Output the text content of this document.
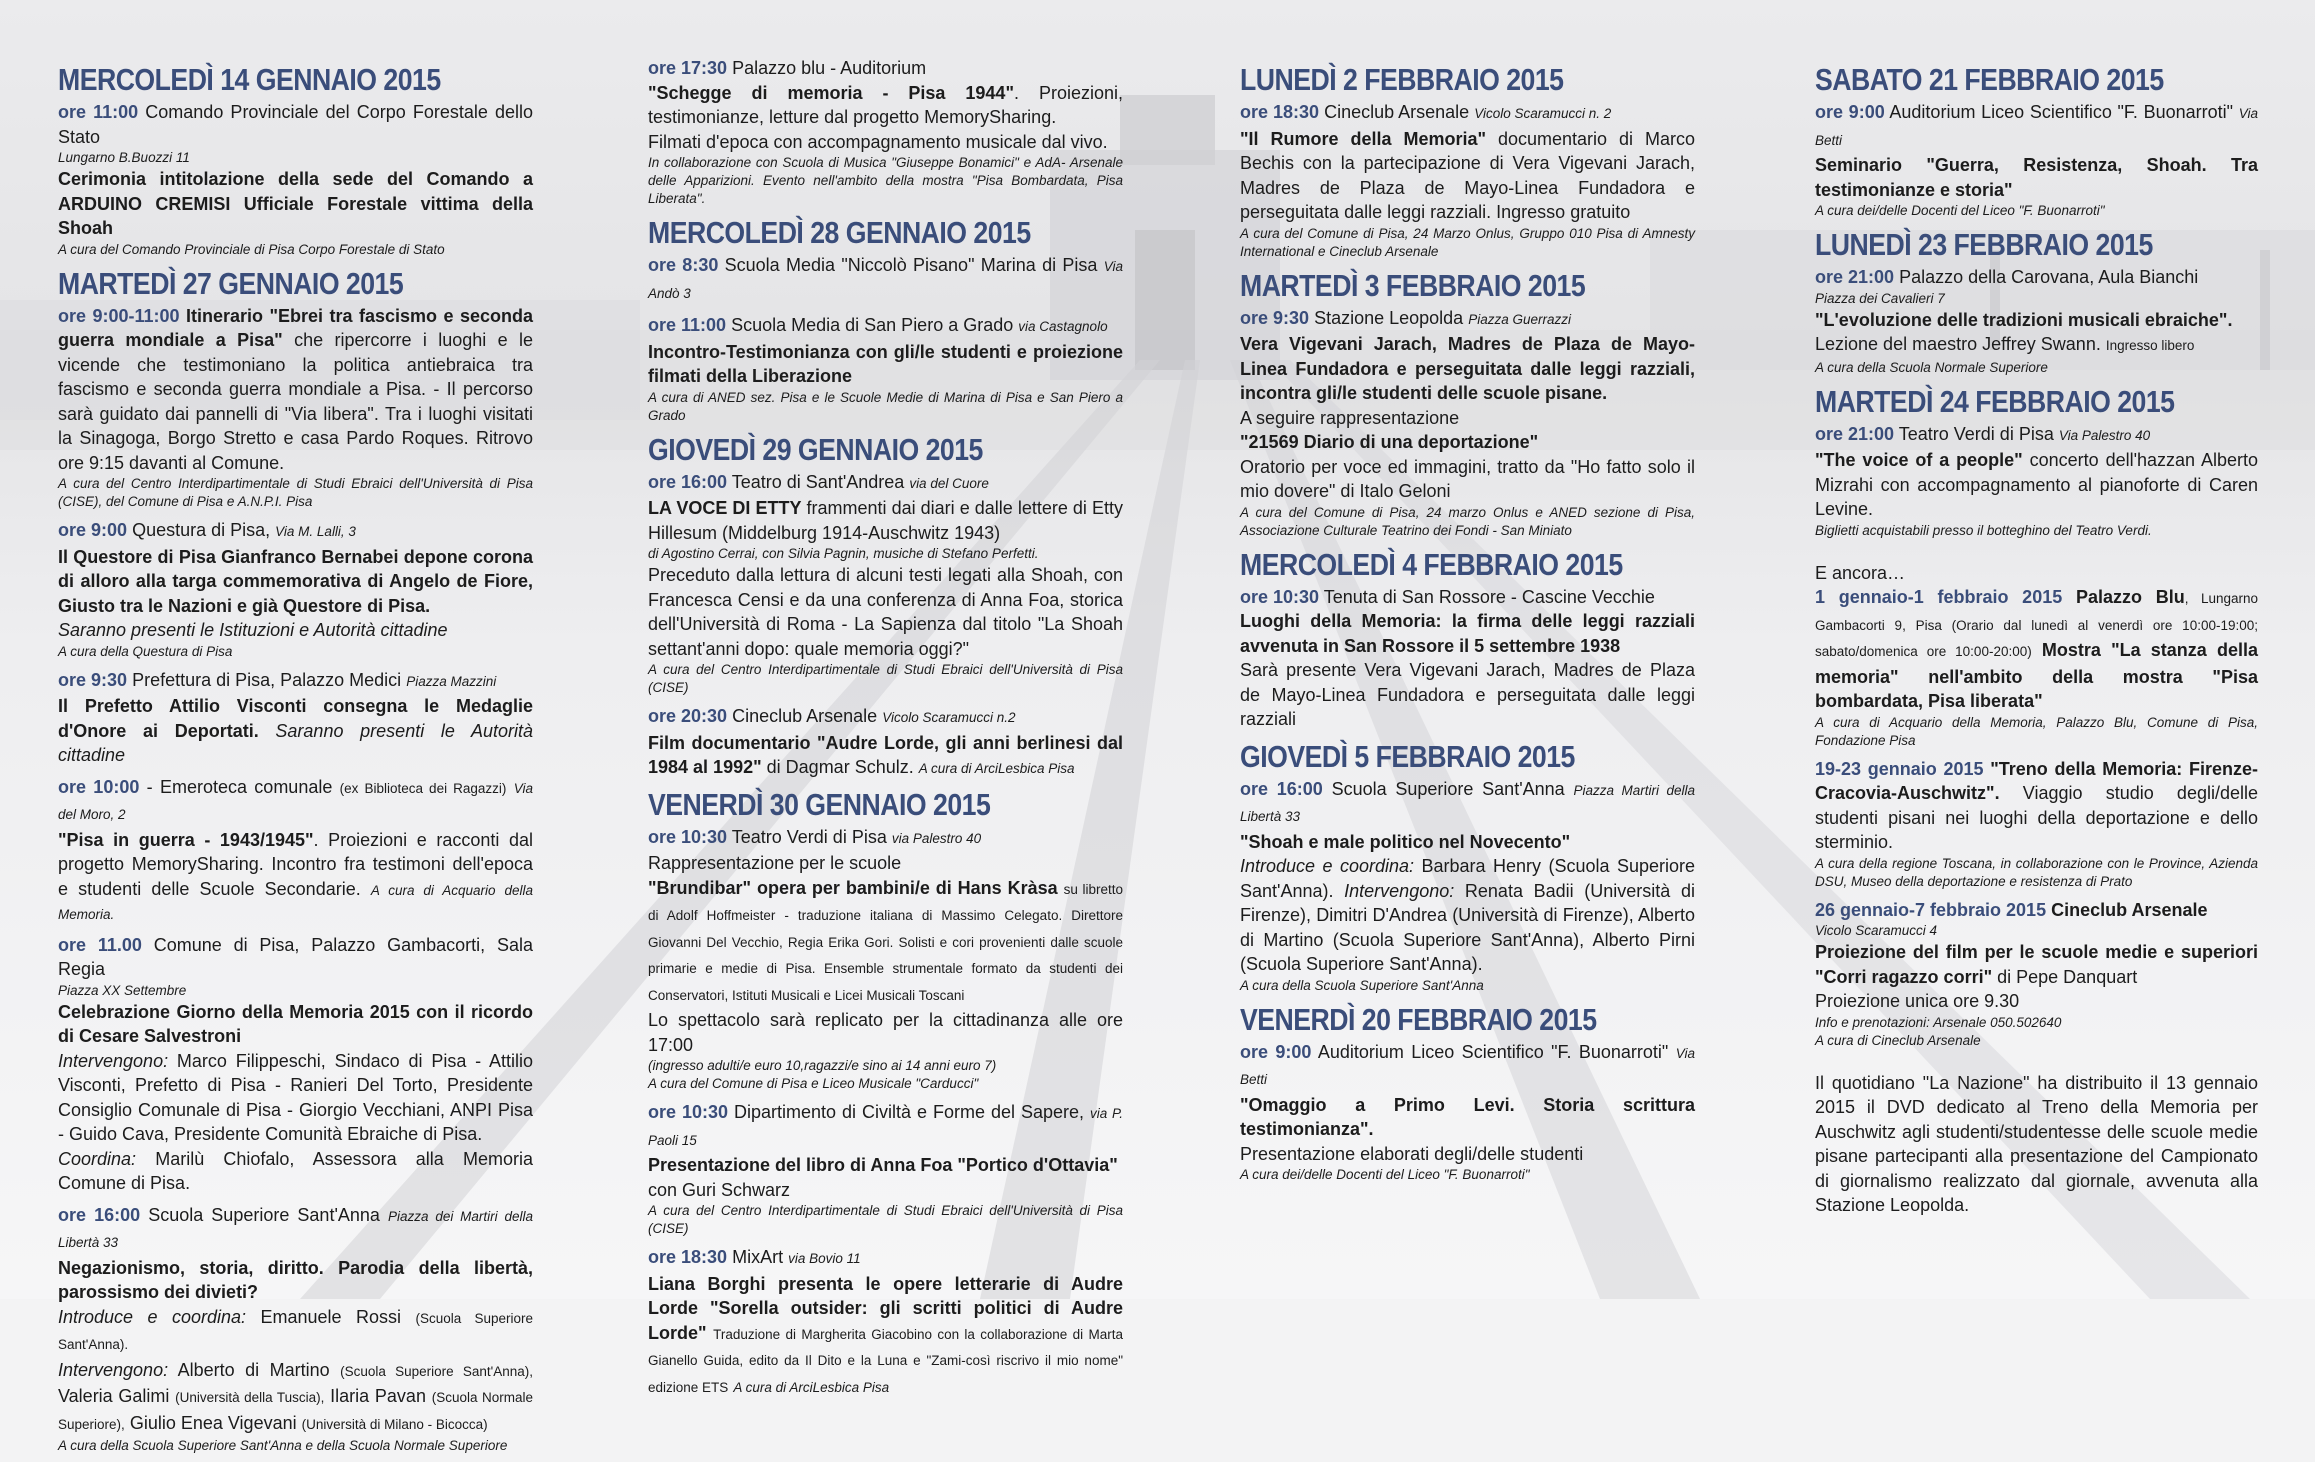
MERCOLEDÌ 14 GENNAIO 2015
ore 11:00 Comando Provinciale del Corpo Forestale dello Stato
Lungarno B.Buozzi 11
Cerimonia intitolazione della sede del Comando a ARDUINO CREMISI Ufficiale Forestale vittima della Shoah
A cura del Comando Provinciale di Pisa Corpo Forestale di Stato
MARTEDÌ 27 GENNAIO 2015
ore 9:00-11:00 Itinerario "Ebrei tra fascismo e seconda guerra mondiale a Pisa" che ripercorre i luoghi e le vicende che testimoniano la politica antiebraica tra fascismo e seconda guerra mondiale a Pisa. - Il percorso sarà guidato dai pannelli di "Via libera". Tra i luoghi visitati la Sinagoga, Borgo Stretto e casa Pardo Roques. Ritrovo ore 9:15 davanti al Comune.
A cura del Centro Interdipartimentale di Studi Ebraici dell'Università di Pisa (CISE), del Comune di Pisa e A.N.P.I. Pisa
ore 9:00 Questura di Pisa, Via M. Lalli, 3
Il Questore di Pisa Gianfranco Bernabei depone corona di alloro alla targa commemorativa di Angelo de Fiore, Giusto tra le Nazioni e già Questore di Pisa.
Saranno presenti le Istituzioni e Autorità cittadine
A cura della Questura di Pisa
ore 9:30 Prefettura di Pisa, Palazzo Medici Piazza Mazzini
Il Prefetto Attilio Visconti consegna le Medaglie d'Onore ai Deportati. Saranno presenti le Autorità cittadine
ore 10:00 - Emeroteca comunale (ex Biblioteca dei Ragazzi) Via del Moro, 2
"Pisa in guerra - 1943/1945". Proiezioni e racconti dal progetto MemorySharing. Incontro fra testimoni dell'epoca e studenti delle Scuole Secondarie. A cura di Acquario della Memoria.
ore 11.00 Comune di Pisa, Palazzo Gambacorti, Sala Regia
Piazza XX Settembre
Celebrazione Giorno della Memoria 2015 con il ricordo di Cesare Salvestroni
Intervengono: Marco Filippeschi, Sindaco di Pisa - Attilio Visconti, Prefetto di Pisa - Ranieri Del Torto, Presidente Consiglio Comunale di Pisa - Giorgio Vecchiani, ANPI Pisa - Guido Cava, Presidente Comunità Ebraiche di Pisa.
Coordina: Marilù Chiofalo, Assessora alla Memoria Comune di Pisa.
ore 16:00 Scuola Superiore Sant'Anna Piazza dei Martiri della Libertà 33
Negazionismo, storia, diritto. Parodia della libertà, parossismo dei divieti?
Introduce e coordina: Emanuele Rossi (Scuola Superiore Sant'Anna).
Intervengono: Alberto di Martino (Scuola Superiore Sant'Anna), Valeria Galimi (Università della Tuscia), Ilaria Pavan (Scuola Normale Superiore), Giulio Enea Vigevani (Università di Milano - Bicocca)
A cura della Scuola Superiore Sant'Anna e della Scuola Normale Superiore
ore 17:30 Palazzo blu - Auditorium
"Schegge di memoria - Pisa 1944". Proiezioni, testimonianze, letture dal progetto MemorySharing.
Filmati d'epoca con accompagnamento musicale dal vivo.
In collaborazione con Scuola di Musica "Giuseppe Bonamici" e AdA- Arsenale delle Apparizioni. Evento nell'ambito della mostra "Pisa Bombardata, Pisa Liberata".
MERCOLEDÌ 28 GENNAIO 2015
ore 8:30 Scuola Media "Niccolò Pisano" Marina di Pisa Via Andò 3
ore 11:00 Scuola Media di San Piero a Grado via Castagnolo
Incontro-Testimonianza con gli/le studenti e proiezione filmati della Liberazione
A cura di ANED sez. Pisa e le Scuole Medie di Marina di Pisa e San Piero a Grado
GIOVEDÌ 29 GENNAIO 2015
ore 16:00 Teatro di Sant'Andrea via del Cuore
LA VOCE DI ETTY frammenti dai diari e dalle lettere di Etty Hillesum (Middelburg 1914-Auschwitz 1943)
di Agostino Cerrai, con Silvia Pagnin, musiche di Stefano Perfetti.
Preceduto dalla lettura di alcuni testi legati alla Shoah, con Francesca Censi e da una conferenza di Anna Foa, storica dell'Università di Roma - La Sapienza dal titolo "La Shoah settant'anni dopo: quale memoria oggi?"
A cura del Centro Interdipartimentale di Studi Ebraici dell'Università di Pisa (CISE)
ore 20:30 Cineclub Arsenale Vicolo Scaramucci n.2
Film documentario "Audre Lorde, gli anni berlinesi dal 1984 al 1992" di Dagmar Schulz. A cura di ArciLesbica Pisa
VENERDÌ 30 GENNAIO 2015
ore 10:30 Teatro Verdi di Pisa via Palestro 40
Rappresentazione per le scuole
"Brundibar" opera per bambini/e di Hans Kràsa su libretto di Adolf Hoffmeister - traduzione italiana di Massimo Celegato. Direttore Giovanni Del Vecchio, Regia Erika Gori. Solisti e cori provenienti dalle scuole primarie e medie di Pisa. Ensemble strumentale formato da studenti dei Conservatori, Istituti Musicali e Licei Musicali Toscani
Lo spettacolo sarà replicato per la cittadinanza alle ore 17:00
(ingresso adulti/e euro 10,ragazzi/e sino ai 14 anni euro 7)
A cura del Comune di Pisa e Liceo Musicale "Carducci"
ore 10:30 Dipartimento di Civiltà e Forme del Sapere, via P. Paoli 15
Presentazione del libro di Anna Foa "Portico d'Ottavia"
con Guri Schwarz
A cura del Centro Interdipartimentale di Studi Ebraici dell'Università di Pisa (CISE)
ore 18:30 MixArt via Bovio 11
Liana Borghi presenta le opere letterarie di Audre Lorde "Sorella outsider: gli scritti politici di Audre Lorde" Traduzione di Margherita Giacobino con la collaborazione di Marta Gianello Guida, edito da Il Dito e la Luna e "Zami-così riscrivo il mio nome" edizione ETS A cura di ArciLesbica Pisa
LUNEDÌ 2 FEBBRAIO 2015
ore 18:30 Cineclub Arsenale Vicolo Scaramucci n. 2
"Il Rumore della Memoria" documentario di Marco Bechis con la partecipazione di Vera Vigevani Jarach, Madres de Plaza de Mayo-Linea Fundadora e perseguitata dalle leggi razziali. Ingresso gratuito
A cura del Comune di Pisa, 24 Marzo Onlus, Gruppo 010 Pisa di Amnesty International e Cineclub Arsenale
MARTEDÌ 3 FEBBRAIO 2015
ore 9:30 Stazione Leopolda Piazza Guerrazzi
Vera Vigevani Jarach, Madres de Plaza de Mayo-Linea Fundadora e perseguitata dalle leggi razziali, incontra gli/le studenti delle scuole pisane.
A seguire rappresentazione
"21569 Diario di una deportazione"
Oratorio per voce ed immagini, tratto da "Ho fatto solo il mio dovere" di Italo Geloni
A cura del Comune di Pisa, 24 marzo Onlus e ANED sezione di Pisa, Associazione Culturale Teatrino dei Fondi - San Miniato
MERCOLEDÌ 4 FEBBRAIO 2015
ore 10:30 Tenuta di San Rossore - Cascine Vecchie
Luoghi della Memoria: la firma delle leggi razziali avvenuta in San Rossore il 5 settembre 1938
Sarà presente Vera Vigevani Jarach, Madres de Plaza de Mayo-Linea Fundadora e perseguitata dalle leggi razziali
GIOVEDÌ 5 FEBBRAIO 2015
ore 16:00 Scuola Superiore Sant'Anna Piazza Martiri della Libertà 33
"Shoah e male politico nel Novecento"
Introduce e coordina: Barbara Henry (Scuola Superiore Sant'Anna). Intervengono: Renata Badii (Università di Firenze), Dimitri D'Andrea (Università di Firenze), Alberto di Martino (Scuola Superiore Sant'Anna), Alberto Pirni (Scuola Superiore Sant'Anna).
A cura della Scuola Superiore Sant'Anna
VENERDÌ 20 FEBBRAIO 2015
ore 9:00 Auditorium Liceo Scientifico "F. Buonarroti" Via Betti
"Omaggio a Primo Levi. Storia scrittura testimonianza".
Presentazione elaborati degli/delle studenti
A cura dei/delle Docenti del Liceo "F. Buonarroti"
SABATO 21 FEBBRAIO 2015
ore 9:00 Auditorium Liceo Scientifico "F. Buonarroti" Via Betti
Seminario "Guerra, Resistenza, Shoah. Tra testimonianze e storia"
A cura dei/delle Docenti del Liceo "F. Buonarroti"
LUNEDÌ 23 FEBBRAIO 2015
ore 21:00 Palazzo della Carovana, Aula Bianchi
Piazza dei Cavalieri 7
"L'evoluzione delle tradizioni musicali ebraiche".
Lezione del maestro Jeffrey Swann. Ingresso libero
A cura della Scuola Normale Superiore
MARTEDÌ 24 FEBBRAIO 2015
ore 21:00 Teatro Verdi di Pisa Via Palestro 40
"The voice of a people" concerto dell'hazzan Alberto Mizrahi con accompagnamento al pianoforte di Caren Levine.
Biglietti acquistabili presso il botteghino del Teatro Verdi.
E ancora…
1 gennaio-1 febbraio 2015 Palazzo Blu, Lungarno Gambacorti 9, Pisa (Orario dal lunedì al venerdì ore 10:00-19:00; sabato/domenica ore 10:00-20:00) Mostra "La stanza della memoria" nell'ambito della mostra "Pisa bombardata, Pisa liberata"
A cura di Acquario della Memoria, Palazzo Blu, Comune di Pisa, Fondazione Pisa
19-23 gennaio 2015 "Treno della Memoria: Firenze-Cracovia-Auschwitz". Viaggio studio degli/delle studenti pisani nei luoghi della deportazione e dello sterminio.
A cura della regione Toscana, in collaborazione con le Province, Azienda DSU, Museo della deportazione e resistenza di Prato
26 gennaio-7 febbraio 2015 Cineclub Arsenale
Vicolo Scaramucci 4
Proiezione del film per le scuole medie e superiori "Corri ragazzo corri" di Pepe Danquart
Proiezione unica ore 9.30
Info e prenotazioni: Arsenale 050.502640
A cura di Cineclub Arsenale
Il quotidiano "La Nazione" ha distribuito il 13 gennaio 2015 il DVD dedicato al Treno della Memoria per Auschwitz agli studenti/studentesse delle scuole medie pisane partecipanti alla presentazione del Campionato di giornalismo realizzato dal giornale, avvenuta alla Stazione Leopolda.
